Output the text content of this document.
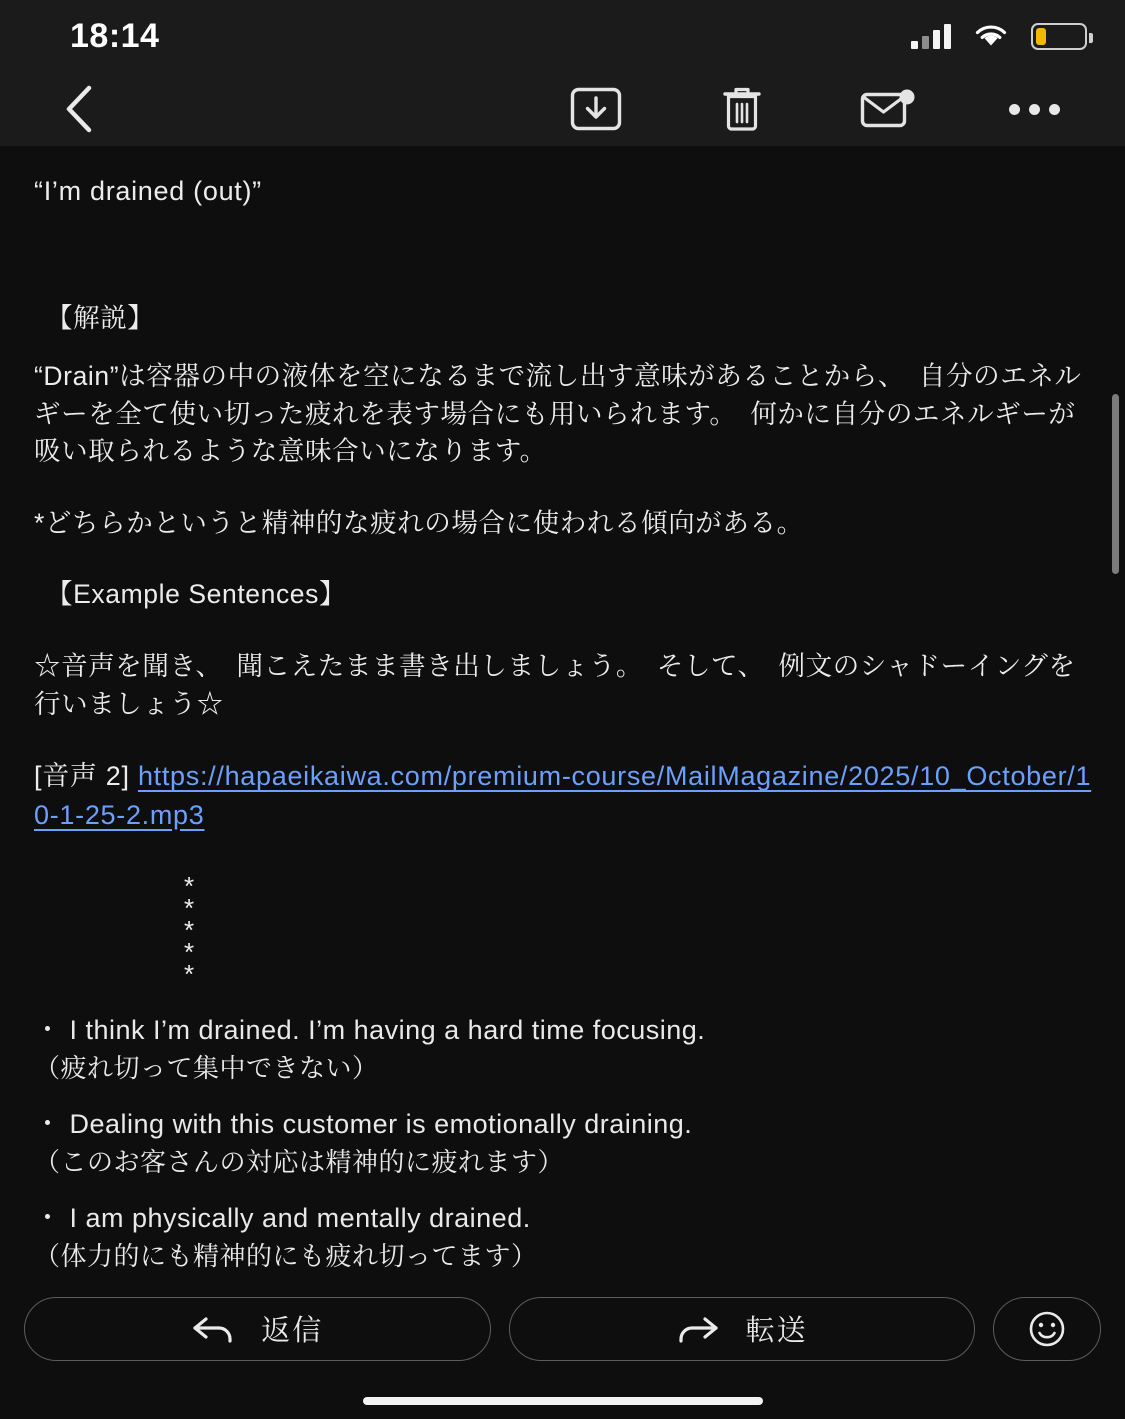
18:14

“I’m drained (out)”

【解説】

“Drain”は容器の中の液体を空になるまで流し出す意味があることから、　自分のエネルギーを全て使い切った疲れを表す場合にも用いられます。　何かに自分のエネルギーが吸い取られるような意味合いになります。

*どちらかというと精神的な疲れの場合に使われる傾向がある。

【Example Sentences】

☆音声を聞き、　聞こえたまま書き出しましょう。　そして、　例文のシャドーイングを行いましょう☆

[音声 2] https://hapaeikaiwa.com/premium-course/MailMagazine/2025/10_October/10-1-25-2.mp3

*
*
*
*
*
・ I think I’m drained. I’m having a hard time focusing.
（疲れ切って集中できない）
・ Dealing with this customer is emotionally draining.
（このお客さんの対応は精神的に疲れます）
・ I am physically and mentally drained.
（体力的にも精神的にも疲れ切ってます）
返信	転送
